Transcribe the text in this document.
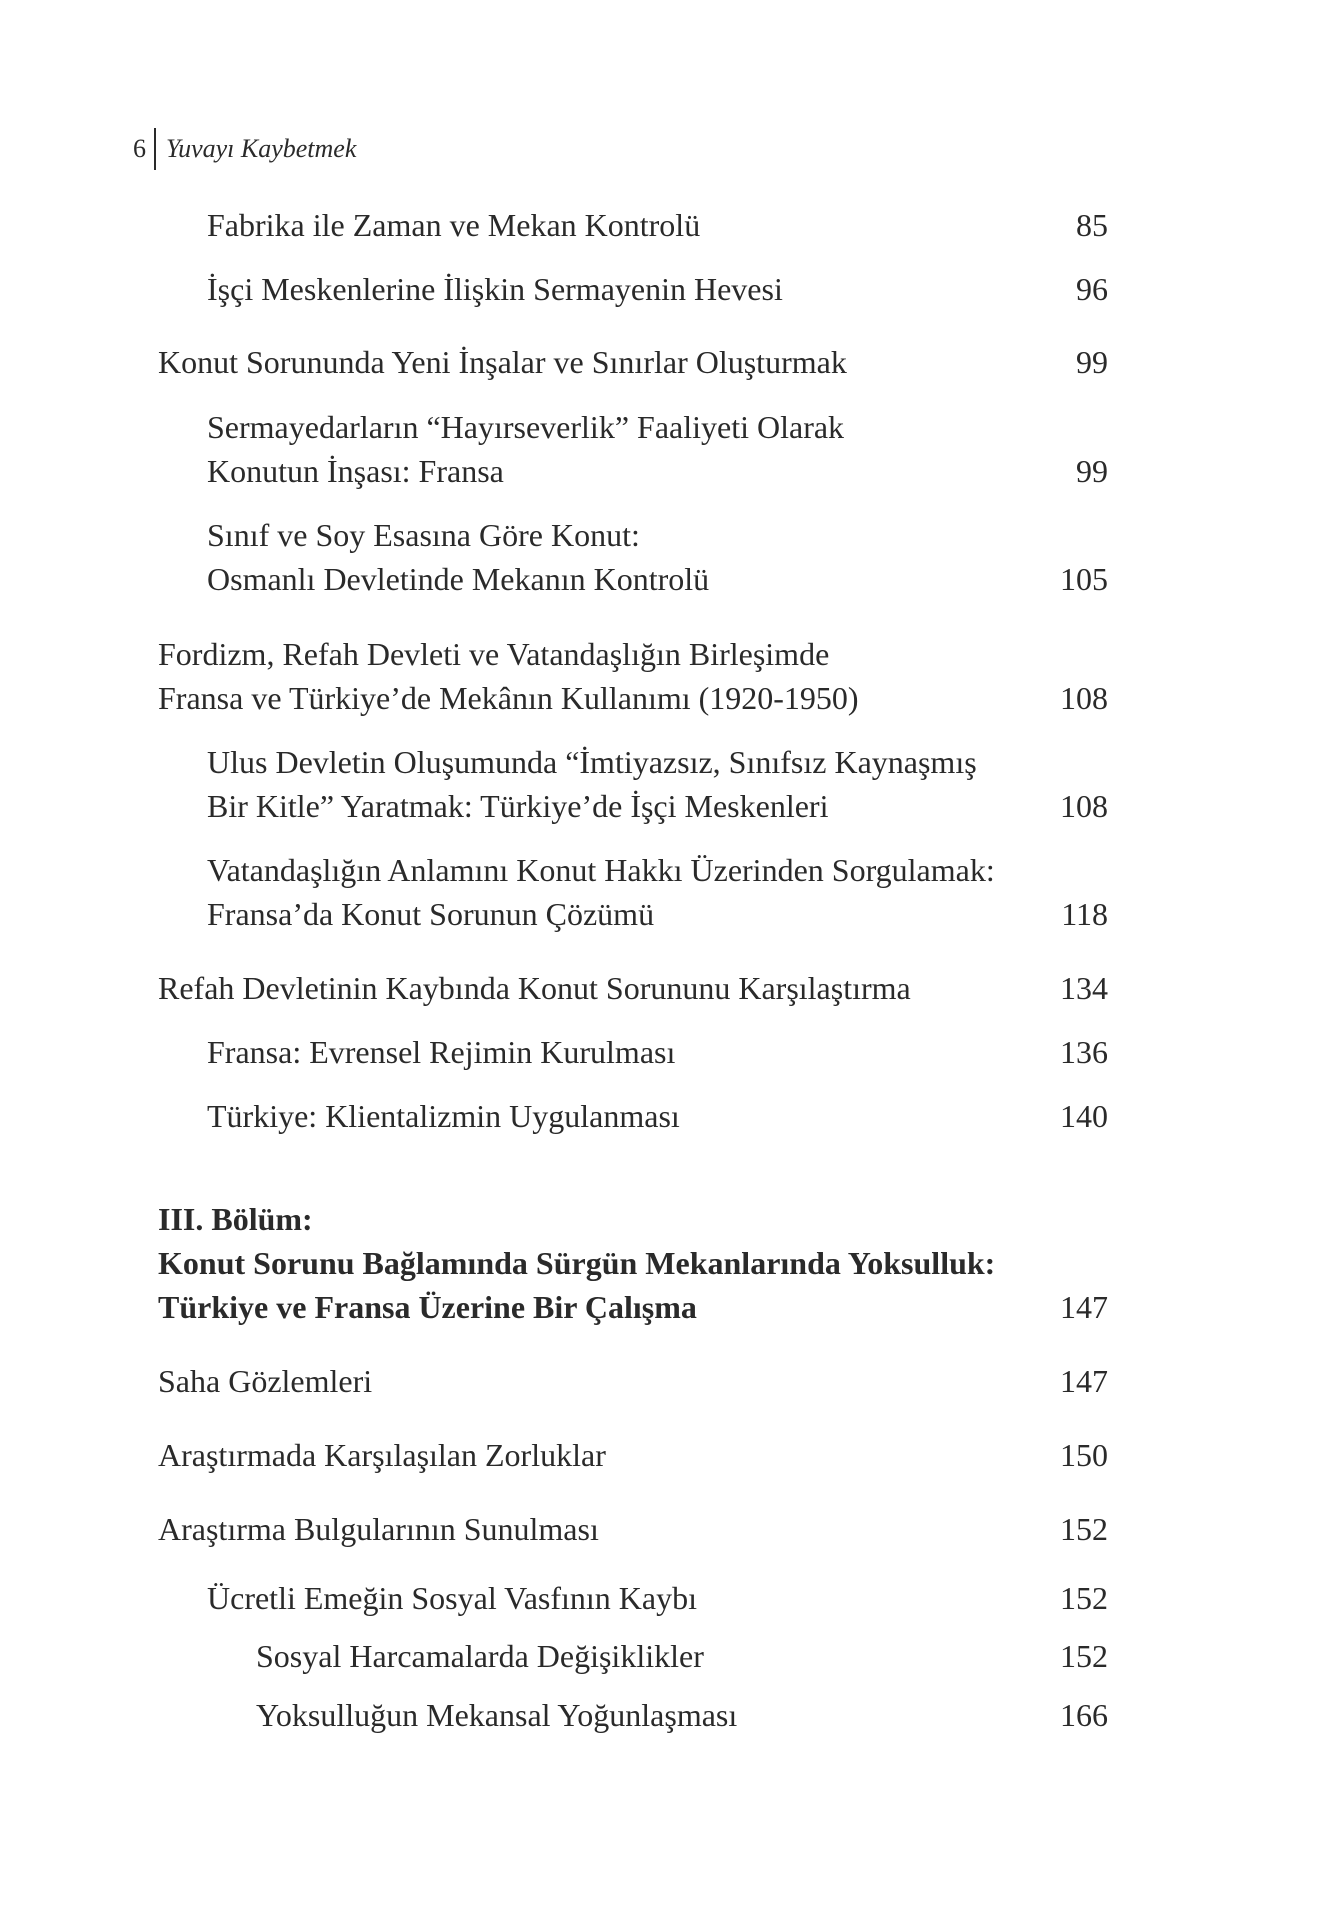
6 Yuvayı Kaybetmek
Fabrika ile Zaman ve Mekan Kontrolü	85
İşçi Meskenlerine İlişkin Sermayenin Hevesi	96
Konut Sorununda Yeni İnşalar ve Sınırlar Oluşturmak	99
Sermayedarların “Hayırseverlik” Faaliyeti Olarak
Konutun İnşası: Fransa	99
Sınıf ve Soy Esasına Göre Konut:
Osmanlı Devletinde Mekanın Kontrolü	105
Fordizm, Refah Devleti ve Vatandaşlığın Birleşimde
Fransa ve Türkiye’de Mekânın Kullanımı (1920-1950)	108
Ulus Devletin Oluşumunda “İmtiyazsız, Sınıfsız Kaynaşmış
Bir Kitle” Yaratmak: Türkiye’de İşçi Meskenleri	108
Vatandaşlığın Anlamını Konut Hakkı Üzerinden Sorgulamak:
Fransa’da Konut Sorunun Çözümü	118
Refah Devletinin Kaybında Konut Sorununu Karşılaştırma	134
Fransa: Evrensel Rejimin Kurulması	136
Türkiye: Klientalizmin Uygulanması	140
III. Bölüm:
Konut Sorunu Bağlamında Sürgün Mekanlarında Yoksulluk:
Türkiye ve Fransa Üzerine Bir Çalışma	147
Saha Gözlemleri	147
Araştırmada Karşılaşılan Zorluklar	150
Araştırma Bulgularının Sunulması	152
Ücretli Emeğin Sosyal Vasfının Kaybı	152
Sosyal Harcamalarda Değişiklikler	152
Yoksulluğun Mekansal Yoğunlaşması	166
